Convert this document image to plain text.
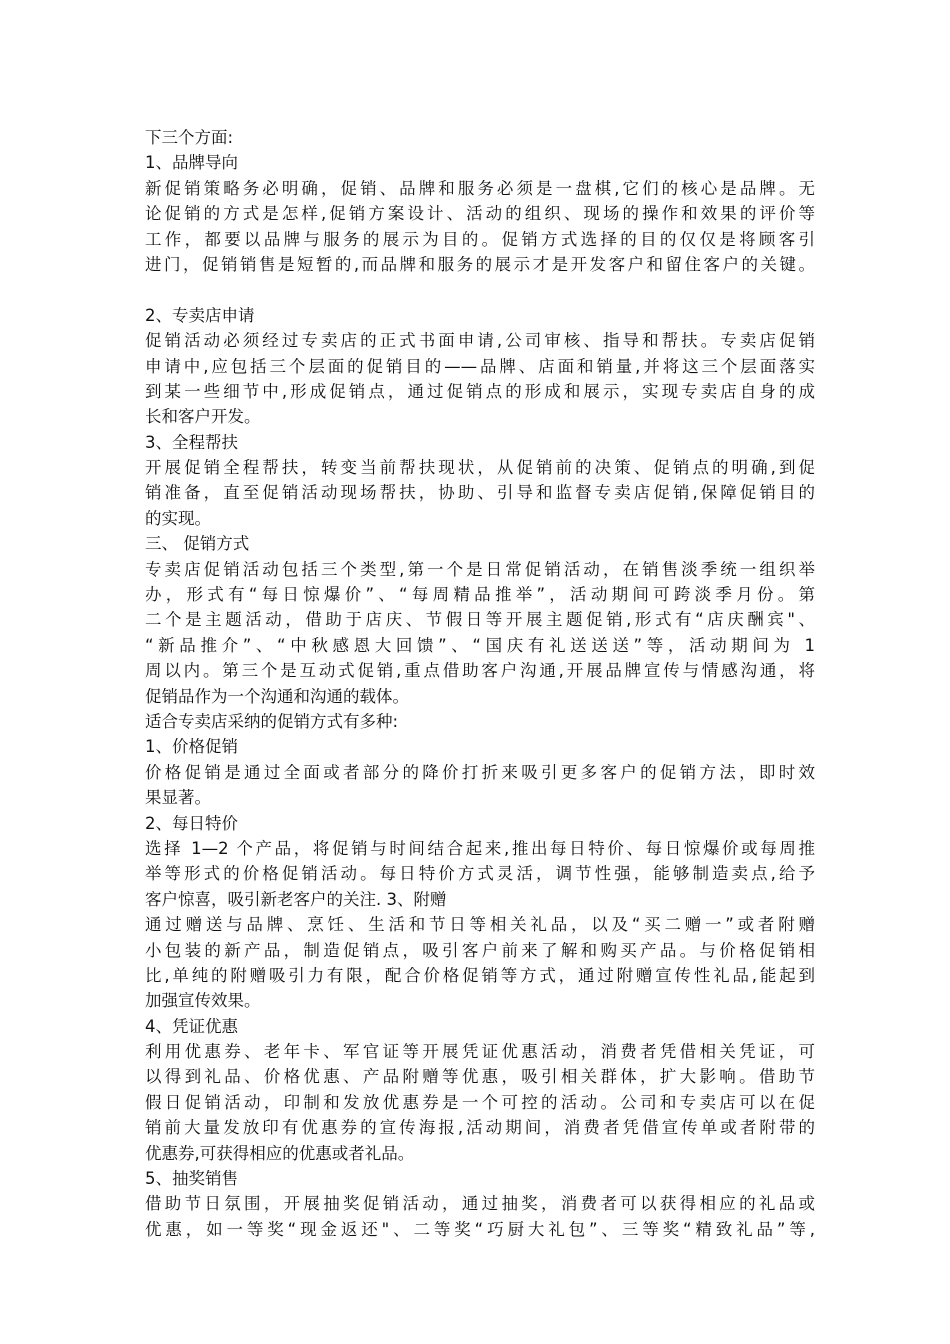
下三个方面:
1、品牌导向
新促销策略务必明确，促销、品牌和服务必须是一盘棋,它们的核心是品牌。无
论促销的方式是怎样,促销方案设计、活动的组织、现场的操作和效果的评价等
工作，都要以品牌与服务的展示为目的。促销方式选择的目的仅仅是将顾客引
进门，促销销售是短暂的,而品牌和服务的展示才是开发客户和留住客户的关键。
2、专卖店申请
促销活动必须经过专卖店的正式书面申请,公司审核、指导和帮扶。专卖店促销
申请中,应包括三个层面的促销目的——品牌、店面和销量,并将这三个层面落实
到某一些细节中,形成促销点，通过促销点的形成和展示，实现专卖店自身的成
长和客户开发。
3、全程帮扶
开展促销全程帮扶，转变当前帮扶现状，从促销前的决策、促销点的明确,到促
销准备，直至促销活动现场帮扶，协助、引导和监督专卖店促销,保障促销目的
的实现。
三、 促销方式
专卖店促销活动包括三个类型,第一个是日常促销活动，在销售淡季统一组织举
办，形式有“每日惊爆价”、“每周精品推举”，活动期间可跨淡季月份。第
二个是主题活动，借助于店庆、节假日等开展主题促销,形式有“店庆酬宾"、
“新品推介”、“中秋感恩大回馈”、“国庆有礼送送送”等，活动期间为 1
周以内。第三个是互动式促销,重点借助客户沟通,开展品牌宣传与情感沟通，将
促销品作为一个沟通和沟通的载体。
适合专卖店采纳的促销方式有多种:
1、价格促销
价格促销是通过全面或者部分的降价打折来吸引更多客户的促销方法，即时效
果显著。
2、每日特价
选择 1—2 个产品，将促销与时间结合起来,推出每日特价、每日惊爆价或每周推
举等形式的价格促销活动。每日特价方式灵活，调节性强，能够制造卖点,给予
客户惊喜，吸引新老客户的关注. 3、附赠
通过赠送与品牌、烹饪、生活和节日等相关礼品，以及“买二赠一”或者附赠
小包装的新产品，制造促销点，吸引客户前来了解和购买产品。与价格促销相
比,单纯的附赠吸引力有限，配合价格促销等方式，通过附赠宣传性礼品,能起到
加强宣传效果。
4、凭证优惠
利用优惠券、老年卡、军官证等开展凭证优惠活动，消费者凭借相关凭证，可
以得到礼品、价格优惠、产品附赠等优惠，吸引相关群体，扩大影响。借助节
假日促销活动，印制和发放优惠券是一个可控的活动。公司和专卖店可以在促
销前大量发放印有优惠券的宣传海报,活动期间，消费者凭借宣传单或者附带的
优惠券,可获得相应的优惠或者礼品。
5、抽奖销售
借助节日氛围，开展抽奖促销活动，通过抽奖，消费者可以获得相应的礼品或
优惠，如一等奖“现金返还"、二等奖“巧厨大礼包”、三等奖“精致礼品”等,
